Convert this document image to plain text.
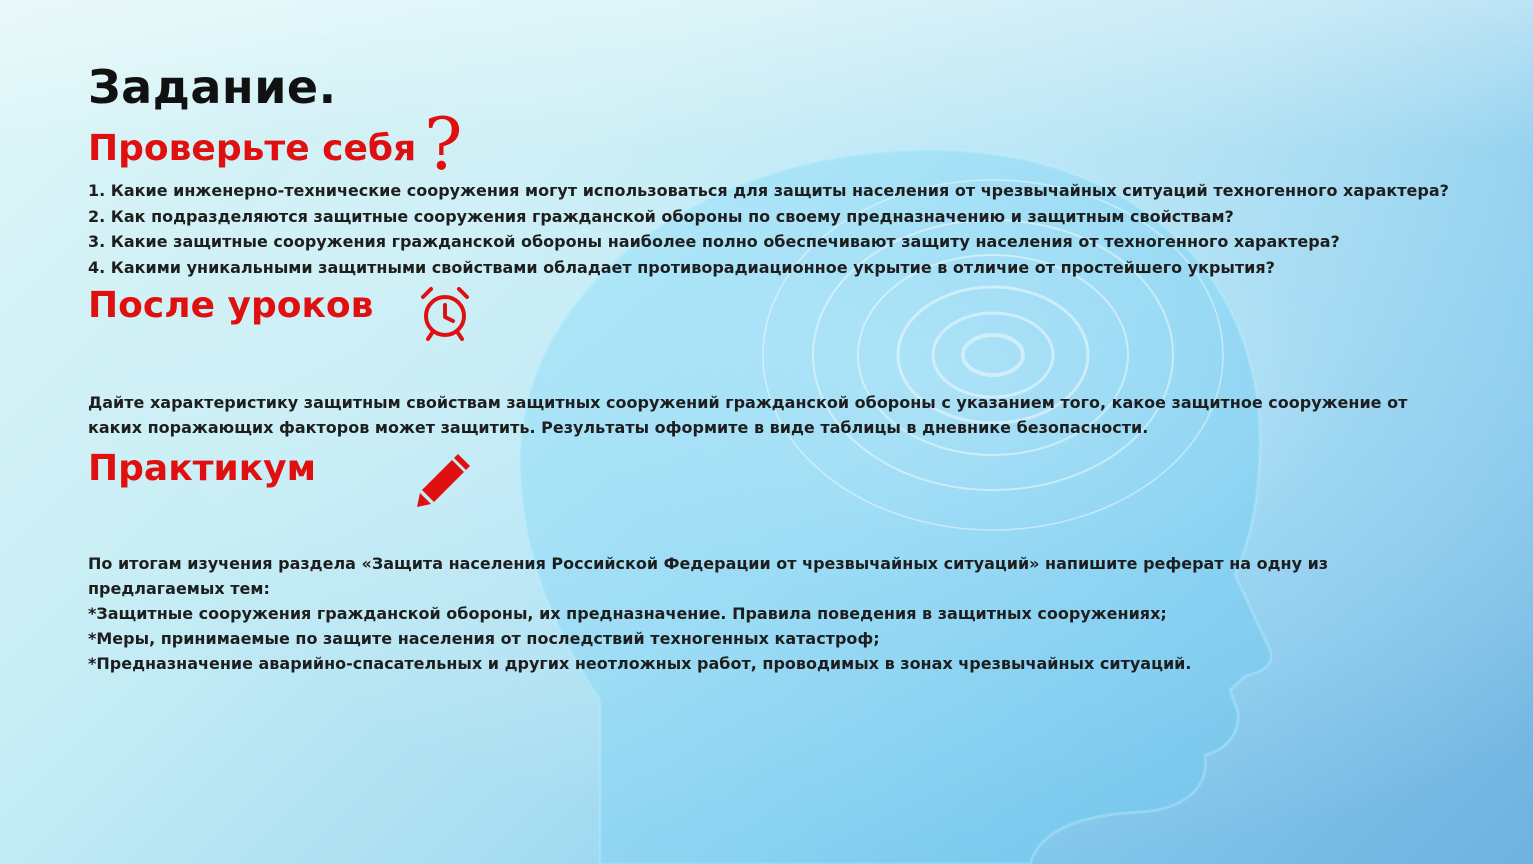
Задание.
Проверьте себя ?
1. Какие инженерно-технические сооружения могут использоваться для защиты населения от чрезвычайных ситуаций техногенного характера?
2. Как подразделяются защитные сооружения гражданской обороны по своему предназначению и защитным свойствам?
3. Какие защитные сооружения гражданской обороны наиболее полно обеспечивают защиту населения от техногенного характера?
4. Какими уникальными защитными свойствами обладает противорадиационное укрытие в отличие от простейшего укрытия?
После уроков

Дайте характеристику защитным свойствам защитных сооружений гражданской обороны с указанием того, какое защитное сооружение от каких поражающих факторов может защитить. Результаты оформите в виде таблицы в дневнике безопасности.

Практикум

По итогам изучения раздела «Защита населения Российской Федерации от чрезвычайных ситуаций» напишите реферат на одну из предлагаемых тем:

*Защитные сооружения гражданской обороны, их предназначение. Правила поведения в защитных сооружениях;
*Меры, принимаемые по защите населения от последствий техногенных катастроф;
*Предназначение аварийно-спасательных и других неотложных работ, проводимых в зонах чрезвычайных ситуаций.
